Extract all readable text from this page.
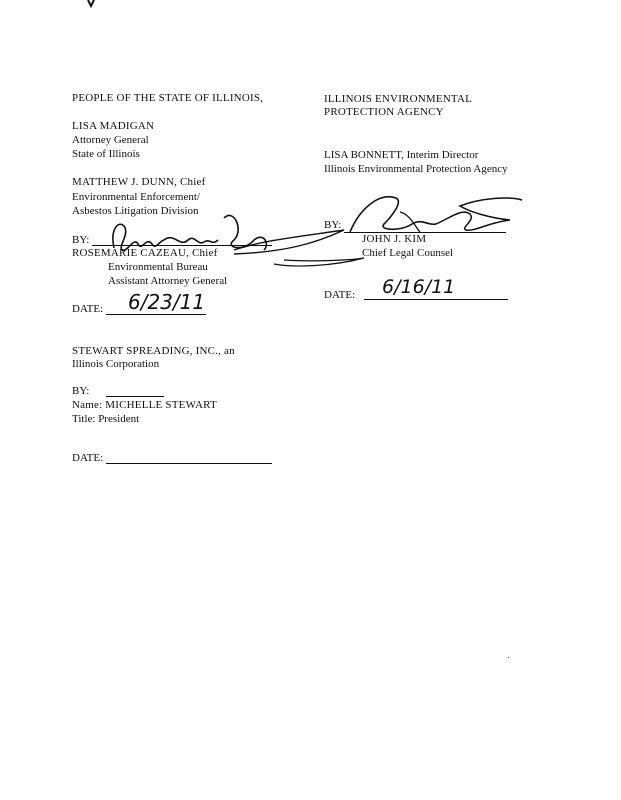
PEOPLE OF THE STATE OF ILLINOIS,
LISA MADIGAN
Attorney General
State of Illinois
MATTHEW J. DUNN, Chief
Environmental Enforcement/
Asbestos Litigation Division
BY:
ROSEMARIE CAZEAU, Chief
Environmental Bureau
Assistant Attorney General
DATE: 6/23/11
ILLINOIS ENVIRONMENTAL
PROTECTION AGENCY
LISA BONNETT, Interim Director
Illinois Environmental Protection Agency
BY:
JOHN J. KIM
Chief Legal Counsel
DATE: 6/16/11
STEWART SPREADING, INC., an
Illinois Corporation
BY:
Name: MICHELLE STEWART
Title: President
DATE:
